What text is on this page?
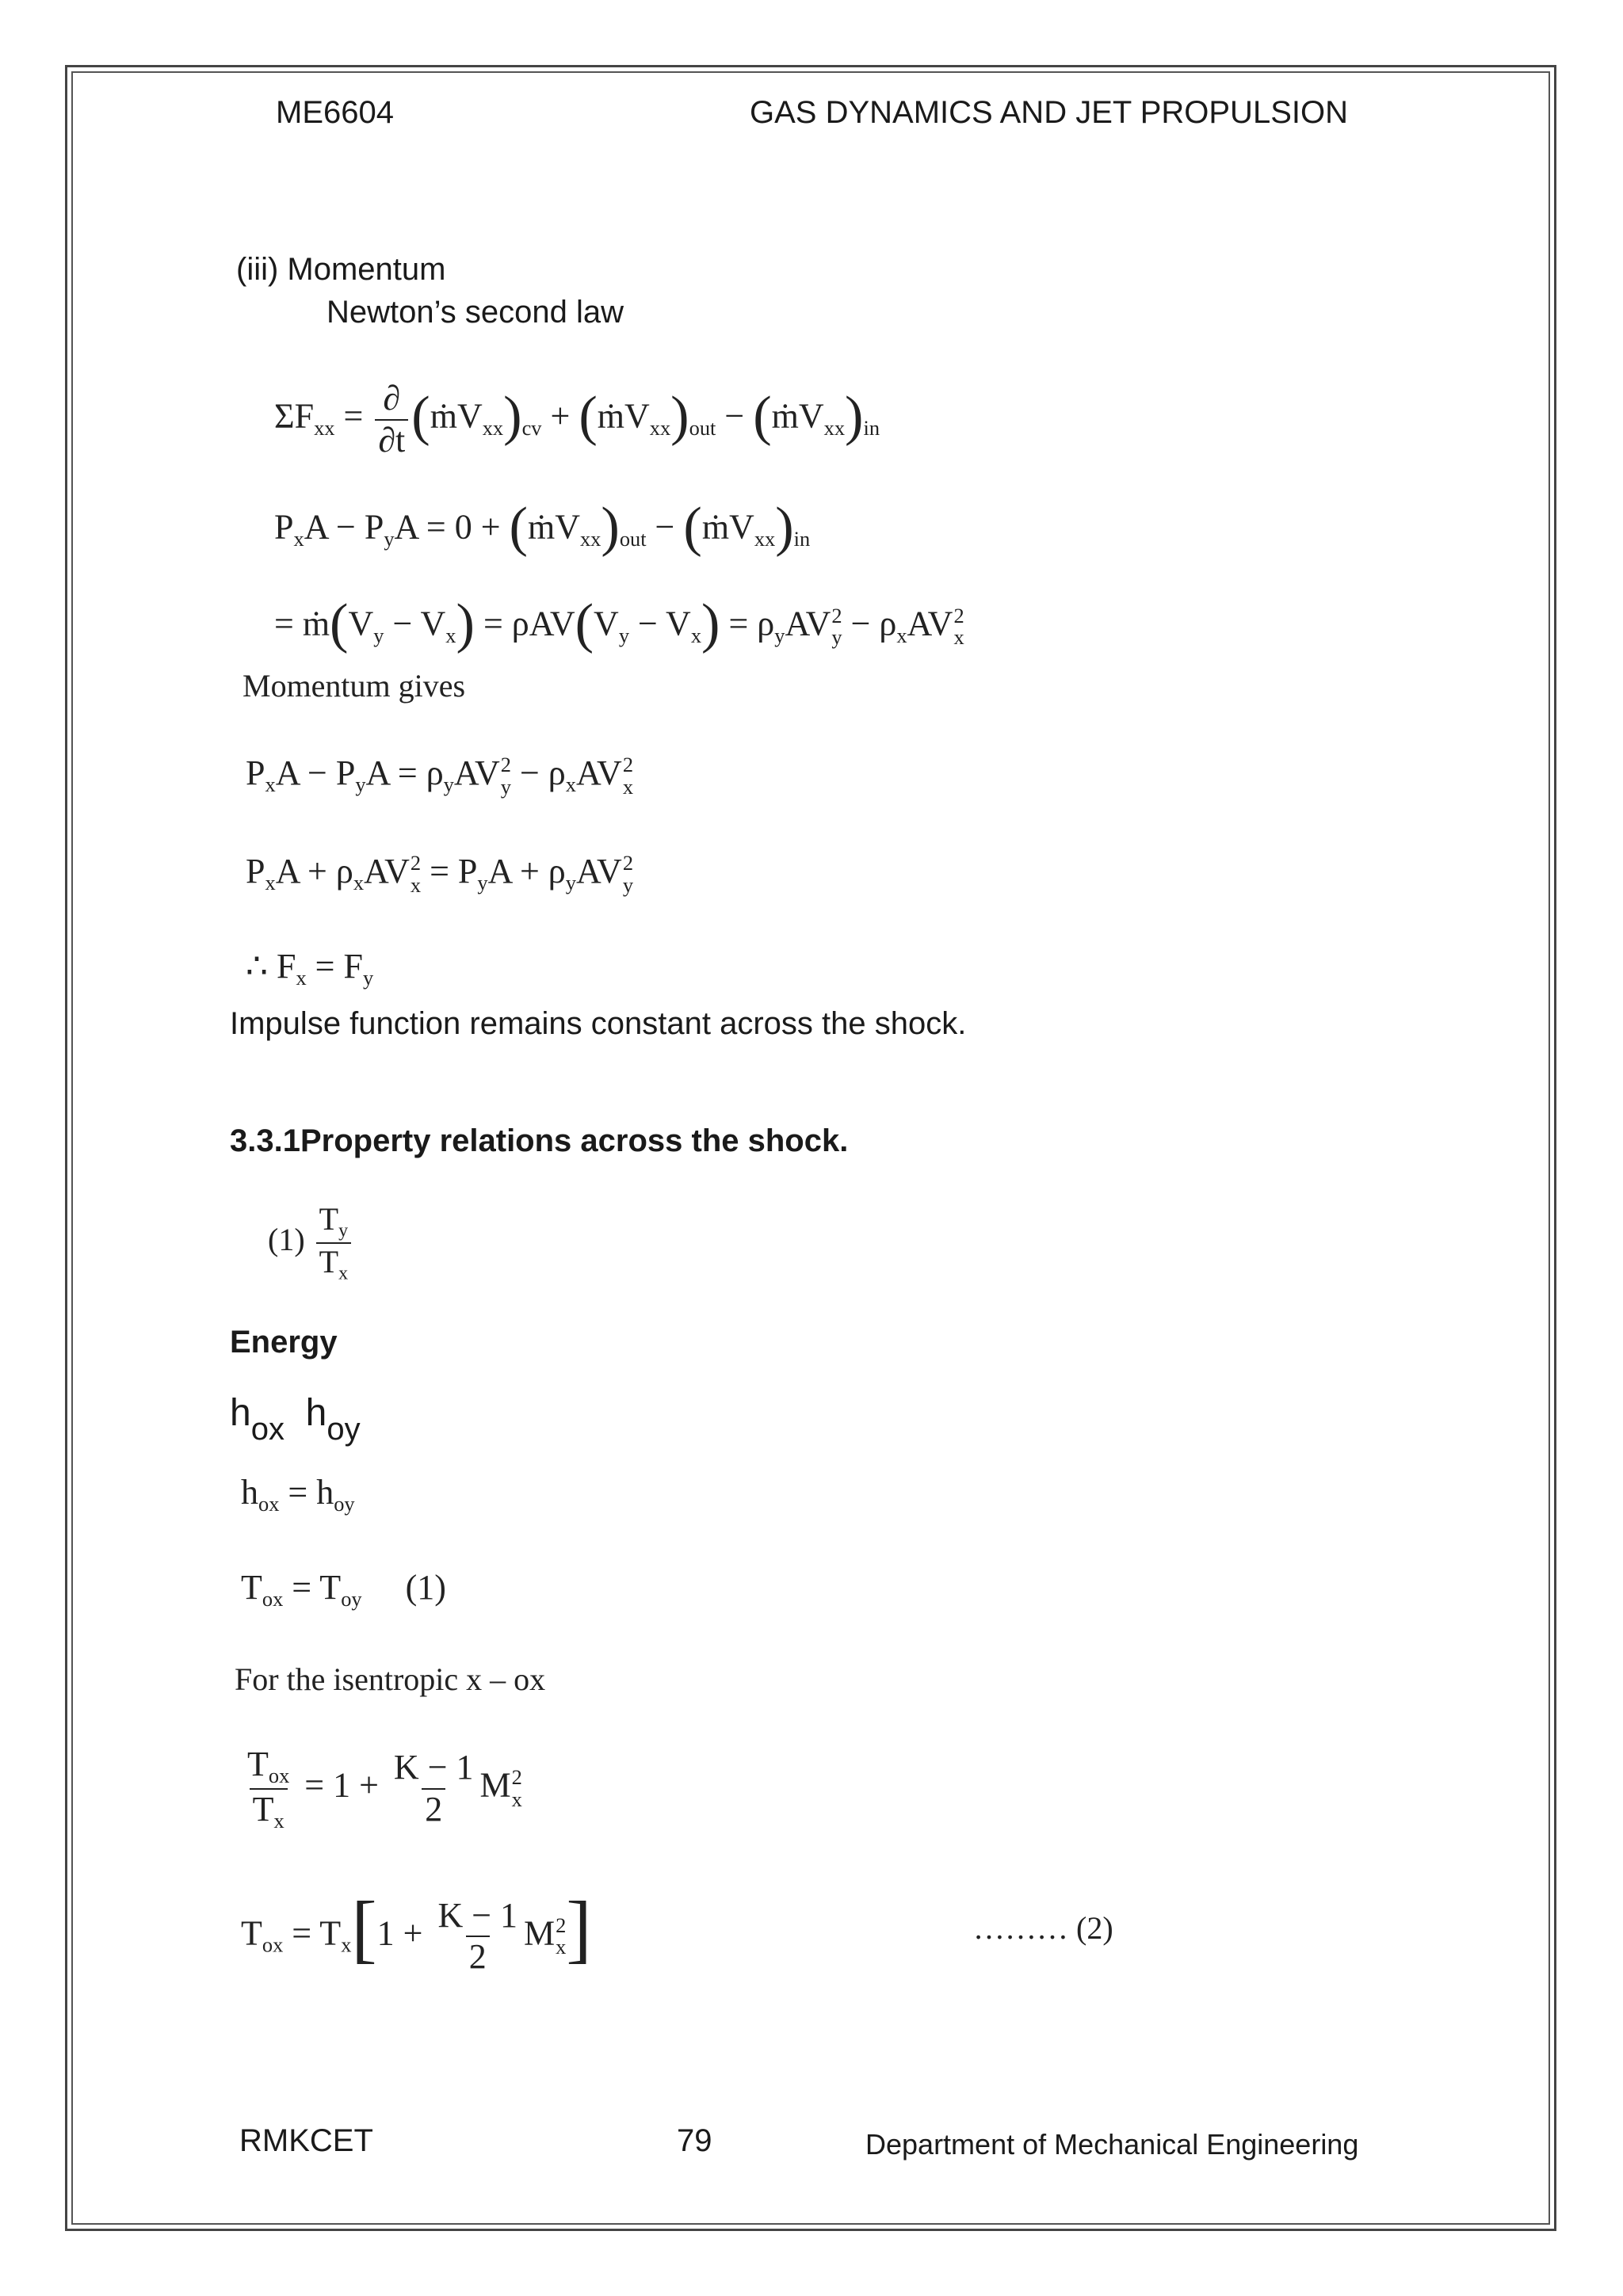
ME6604	GAS DYNAMICS AND JET PROPULSION
(iii) Momentum
Newton’s second law
$\Sigma F_{xx} = \frac{\partial}{\partial t}$ $(ṁV_{xx})_{cv}$ + $(ṁV_{xx})_{out}$ − $(ṁV_{xx})_{in}$
$P_xA - P_yA = 0$ + $(ṁV_{xx})_{out}$ − $(ṁV_{xx})_{in}$
= $ṁ(V_y - V_x) = \rho AV(V_y - V_x) = \rho_yAV$ 2
$y - \rho_xAV$ 2
x
Momentum gives
$P_xA - P_yA = \rho_yAV$ 2
$y - \rho_xAV$ 2
x
$P_xA + \rho_xAV$ 2
$x = P_yA + \rho_yAV$ 2
y
∴ $F_x = F_y$
Impulse function remains constant across the shock.
3.3.1Property relations across the shock.
$(1) \frac{T_y}{T_x}$
Energy
$h_{ox}$  $h_{oy}$
$h_{ox} = h_{oy}$
$T_{ox} = T_{oy}$     (1)
For the isentropic x – ox
$\frac{T_{ox}}{T_x} = 1 + \frac{K - 1}{2}$ M 2
x
$T_{ox} = T_x[1 + \frac{K - 1}{2}$ M 2
x ]	……… (2)
RMKCET	79	Department of Mechanical Engineering
